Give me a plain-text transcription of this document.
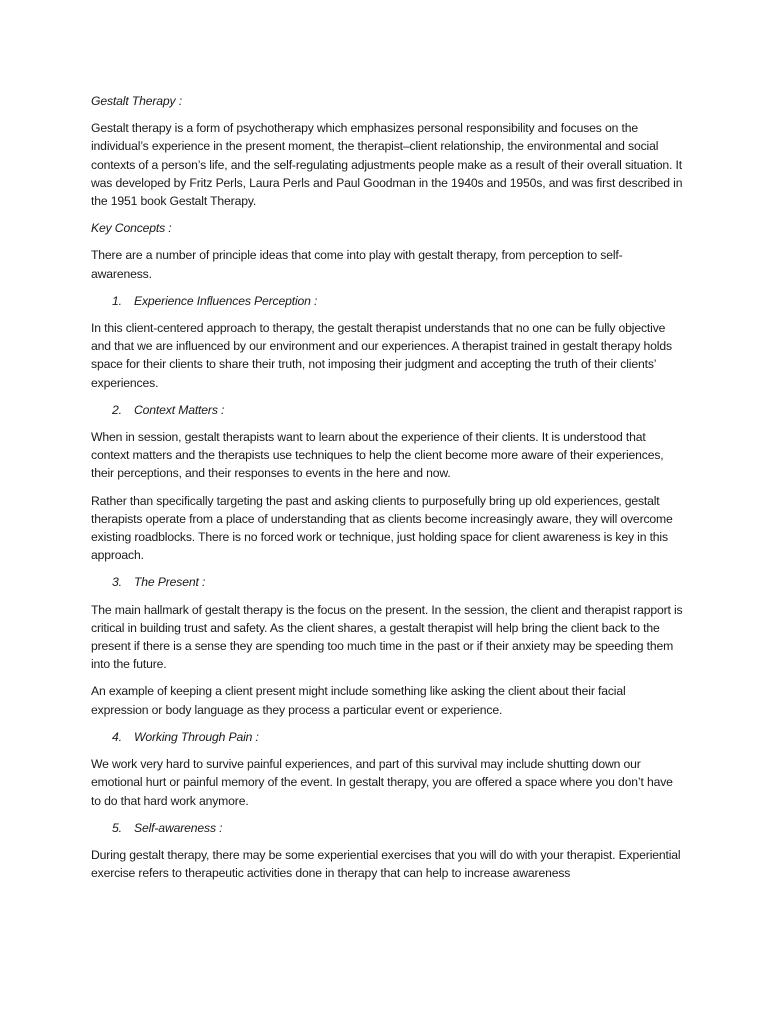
Gestalt Therapy :
Gestalt therapy is a form of psychotherapy which emphasizes personal responsibility and focuses on the individual’s experience in the present moment, the therapist–client relationship, the environmental and social contexts of a person’s life, and the self-regulating adjustments people make as a result of their overall situation. It was developed by Fritz Perls, Laura Perls and Paul Goodman in the 1940s and 1950s, and was first described in the 1951 book Gestalt Therapy.
Key Concepts :
There are a number of principle ideas that come into play with gestalt therapy, from perception to self-awareness.
1. Experience Influences Perception :
In this client-centered approach to therapy, the gestalt therapist understands that no one can be fully objective and that we are influenced by our environment and our experiences. A therapist trained in gestalt therapy holds space for their clients to share their truth, not imposing their judgment and accepting the truth of their clients’ experiences.
2. Context Matters :
When in session, gestalt therapists want to learn about the experience of their clients. It is understood that context matters and the therapists use techniques to help the client become more aware of their experiences, their perceptions, and their responses to events in the here and now.
Rather than specifically targeting the past and asking clients to purposefully bring up old experiences, gestalt therapists operate from a place of understanding that as clients become increasingly aware, they will overcome existing roadblocks. There is no forced work or technique, just holding space for client awareness is key in this approach.
3. The Present :
The main hallmark of gestalt therapy is the focus on the present. In the session, the client and therapist rapport is critical in building trust and safety. As the client shares, a gestalt therapist will help bring the client back to the present if there is a sense they are spending too much time in the past or if their anxiety may be speeding them into the future.
An example of keeping a client present might include something like asking the client about their facial expression or body language as they process a particular event or experience.
4. Working Through Pain :
We work very hard to survive painful experiences, and part of this survival may include shutting down our emotional hurt or painful memory of the event. In gestalt therapy, you are offered a space where you don’t have to do that hard work anymore.
5. Self-awareness :
During gestalt therapy, there may be some experiential exercises that you will do with your therapist. Experiential exercise refers to therapeutic activities done in therapy that can help to increase awareness
